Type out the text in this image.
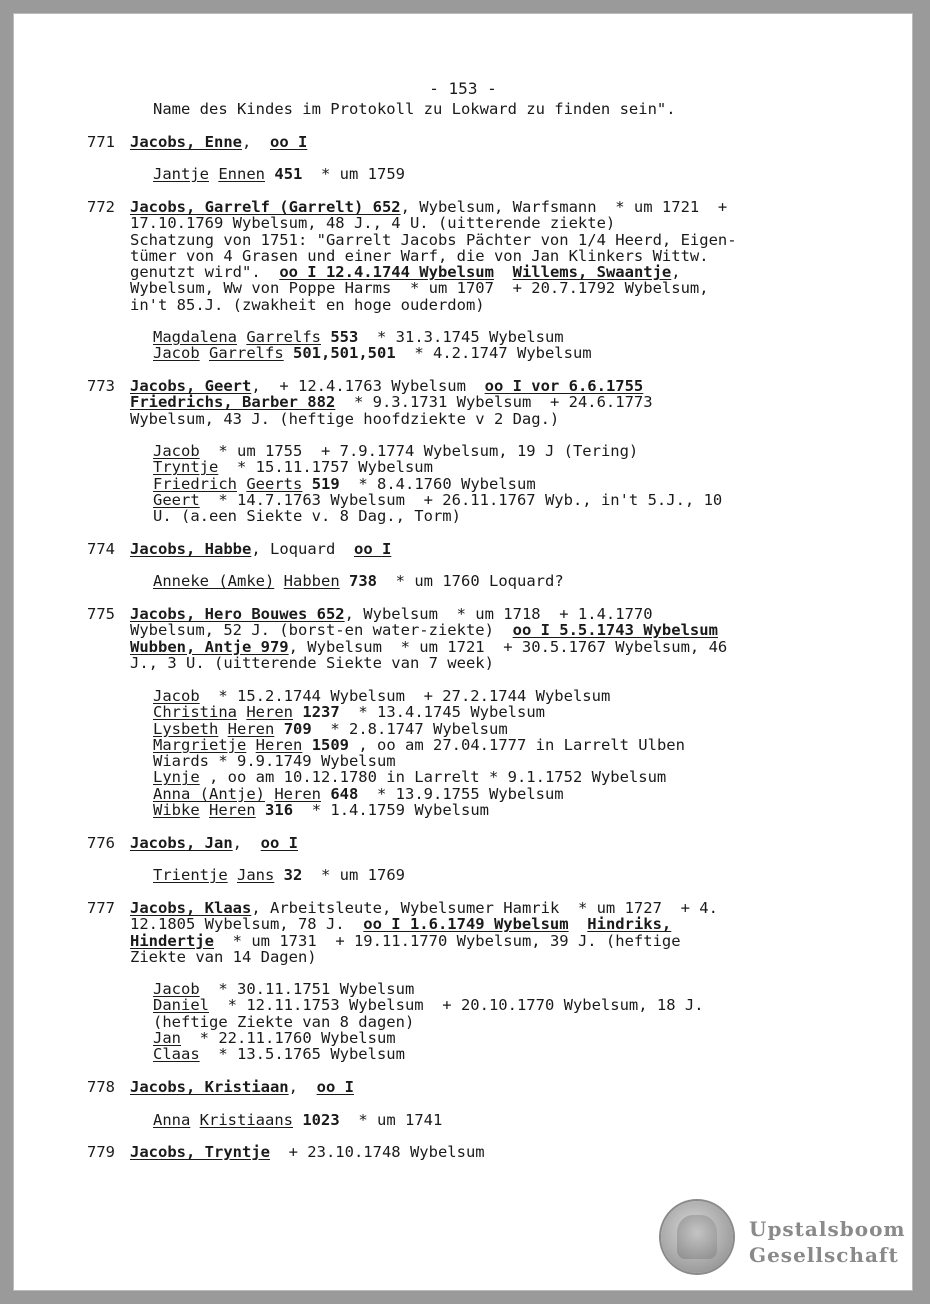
- 153 -
Name des Kindes im Protokoll zu Lokward zu finden sein".
771 Jacobs, Enne,  oo I
Jantje Ennen 451  * um 1759
772 Jacobs, Garrelf (Garrelt) 652, Wybelsum, Warfsmann  * um 1721  +
17.10.1769 Wybelsum, 48 J., 4 U. (uitterende ziekte)
Schatzung von 1751: "Garrelt Jacobs Pächter von 1/4 Heerd, Eigen-
tümer von 4 Grasen und einer Warf, die von Jan Klinkers Wittw.
genutzt wird".  oo I 12.4.1744 Wybelsum Willems, Swaantje,
Wybelsum, Ww von Poppe Harms  * um 1707  + 20.7.1792 Wybelsum,
in't 85.J. (zwakheit en hoge ouderdom)
Magdalena Garrelfs 553  * 31.3.1745 Wybelsum
Jacob Garrelfs 501,501,501  * 4.2.1747 Wybelsum
773 Jacobs, Geert,  + 12.4.1763 Wybelsum  oo I vor 6.6.1755
Friedrichs, Barber 882  * 9.3.1731 Wybelsum  + 24.6.1773
Wybelsum, 43 J. (heftige hoofdziekte v 2 Dag.)
Jacob  * um 1755  + 7.9.1774 Wybelsum, 19 J (Tering)
Tryntje  * 15.11.1757 Wybelsum
Friedrich Geerts 519  * 8.4.1760 Wybelsum
Geert  * 14.7.1763 Wybelsum  + 26.11.1767 Wyb., in't 5.J., 10
U. (a.een Siekte v. 8 Dag., Torm)
774 Jacobs, Habbe, Loquard  oo I
Anneke (Amke) Habben 738  * um 1760 Loquard?
775 Jacobs, Hero Bouwes 652, Wybelsum  * um 1718  + 1.4.1770
Wybelsum, 52 J. (borst-en water-ziekte)  oo I 5.5.1743 Wybelsum
Wubben, Antje 979, Wybelsum  * um 1721  + 30.5.1767 Wybelsum, 46
J., 3 U. (uitterende Siekte van 7 week)
Jacob  * 15.2.1744 Wybelsum  + 27.2.1744 Wybelsum
Christina Heren 1237  * 13.4.1745 Wybelsum
Lysbeth Heren 709  * 2.8.1747 Wybelsum
Margrietje Heren 1509 , oo am 27.04.1777 in Larrelt Ulben
Wiards * 9.9.1749 Wybelsum
Lynje , oo am 10.12.1780 in Larrelt * 9.1.1752 Wybelsum
Anna (Antje) Heren 648  * 13.9.1755 Wybelsum
Wibke Heren 316  * 1.4.1759 Wybelsum
776 Jacobs, Jan,  oo I
Trientje Jans 32  * um 1769
777 Jacobs, Klaas, Arbeitsleute, Wybelsumer Hamrik  * um 1727  + 4.
12.1805 Wybelsum, 78 J.  oo I 1.6.1749 Wybelsum Hindriks,
Hindertje  * um 1731  + 19.11.1770 Wybelsum, 39 J. (heftige
Ziekte van 14 Dagen)
Jacob  * 30.11.1751 Wybelsum
Daniel  * 12.11.1753 Wybelsum  + 20.10.1770 Wybelsum, 18 J.
(heftige Ziekte van 8 dagen)
Jan  * 22.11.1760 Wybelsum
Claas  * 13.5.1765 Wybelsum
778 Jacobs, Kristiaan,  oo I
Anna Kristiaans 1023  * um 1741
779 Jacobs, Tryntje  + 23.10.1748 Wybelsum
Upstalsboom
Gesellschaft
